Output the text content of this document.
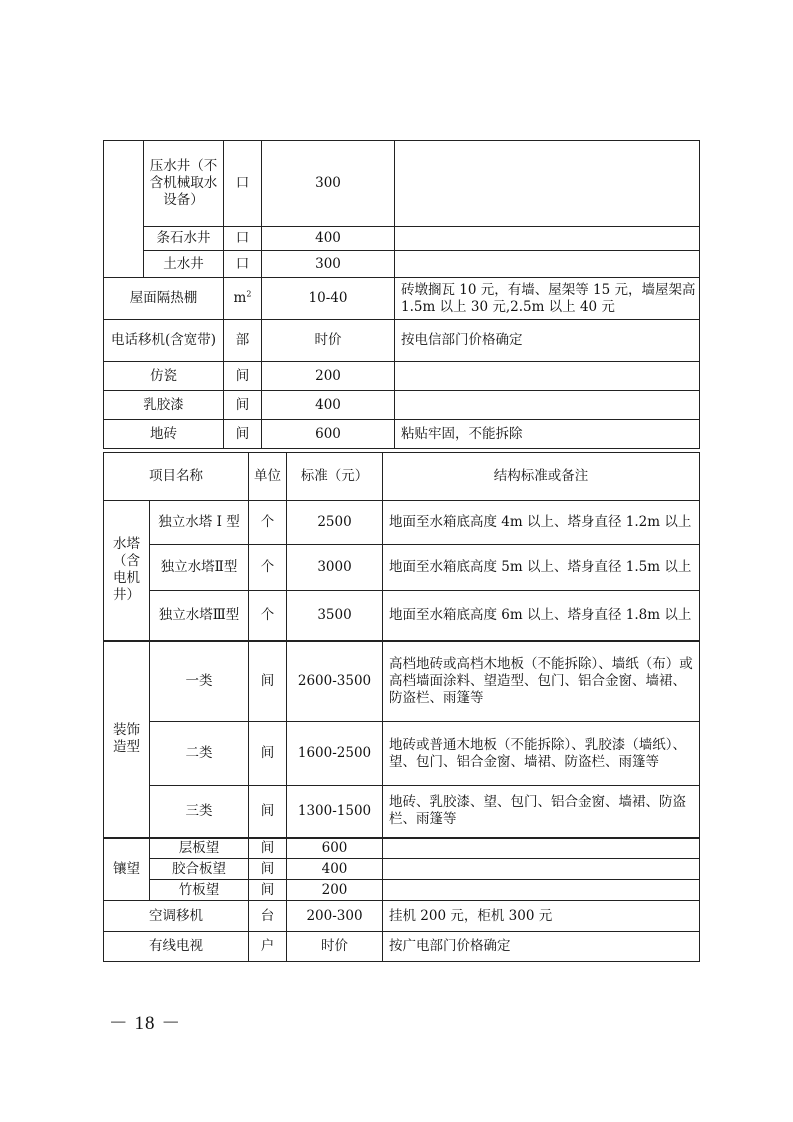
	压水井（不含机械取水设备）	口	300	
	条石水井	口	400	
	土水井	口	300	
屋面隔热棚		$m^2$	10-40	砖墩搁瓦 10 元，有墙、屋架等 15 元，墙屋架高 1.5m 以上 30 元,2.5m 以上 40 元
电话移机(含宽带)		部	时价	按电信部门价格确定
仿瓷		间	200	
乳胶漆		间	400	
地砖		间	600	粘贴牢固，不能拆除
项目名称		单位	标准（元）	结构标准或备注
水塔（含电机井）	独立水塔 I 型	个	2500	地面至水箱底高度 4m 以上、塔身直径 1.2m 以上
	独立水塔Ⅱ型	个	3000	地面至水箱底高度 5m 以上、塔身直径 1.5m 以上
	独立水塔Ⅲ型	个	3500	地面至水箱底高度 6m 以上、塔身直径 1.8m 以上
装饰造型	一类	间	2600-3500	高档地砖或高档木地板（不能拆除）、墙纸（布）或高档墙面涂料、望造型、包门、铝合金窗、墙裙、防盗栏、雨篷等
	二类	间	1600-2500	地砖或普通木地板（不能拆除）、乳胶漆（墙纸）、望、包门、铝合金窗、墙裙、防盗栏、雨篷等
	三类	间	1300-1500	地砖、乳胶漆、望、包门、铝合金窗、墙裙、防盗栏、雨篷等
镶望	层板望	间	600	
	胶合板望	间	400	
	竹板望	间	200	
空调移机		台	200-300	挂机 200 元，柜机 300 元
有线电视		户	时价	按广电部门价格确定
－ 18 －
